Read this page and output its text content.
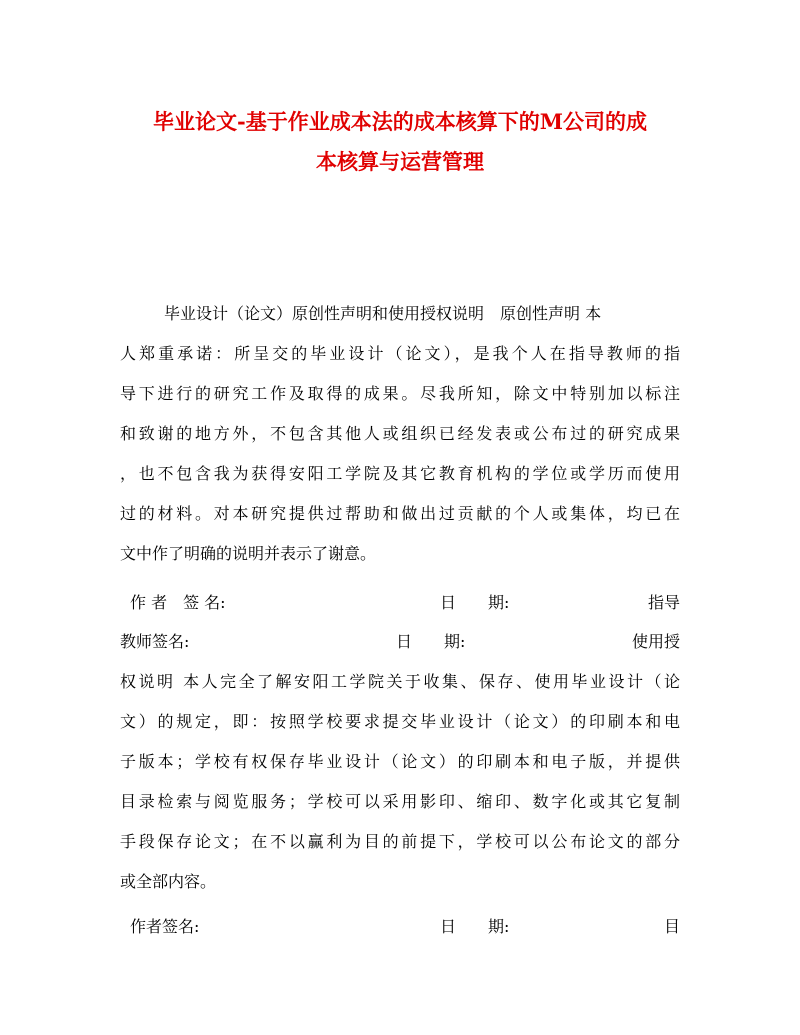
毕业论文-基于作业成本法的成本核算下的M公司的成
本核算与运营管理
毕业设计（论文）原创性声明和使用授权说明　原创性声明 本
人郑重承诺：所呈交的毕业设计（论文），是我个人在指导教师的指
导下进行的研究工作及取得的成果。尽我所知，除文中特别加以标注
和致谢的地方外，不包含其他人或组织已经发表或公布过的研究成果
，也不包含我为获得安阳工学院及其它教育机构的学位或学历而使用
过的材料。对本研究提供过帮助和做出过贡献的个人或集体，均已在
文中作了明确的说明并表示了谢意。
作 者　签 名:	日　　期:	指导
教师签名:	日　　期:	使用授
权说明 本人完全了解安阳工学院关于收集、保存、使用毕业设计（论
文）的规定，即：按照学校要求提交毕业设计（论文）的印刷本和电
子版本；学校有权保存毕业设计（论文）的印刷本和电子版，并提供
目录检索与阅览服务；学校可以采用影印、缩印、数字化或其它复制
手段保存论文；在不以赢利为目的前提下，学校可以公布论文的部分
或全部内容。
作者签名:	日　　期:	目
